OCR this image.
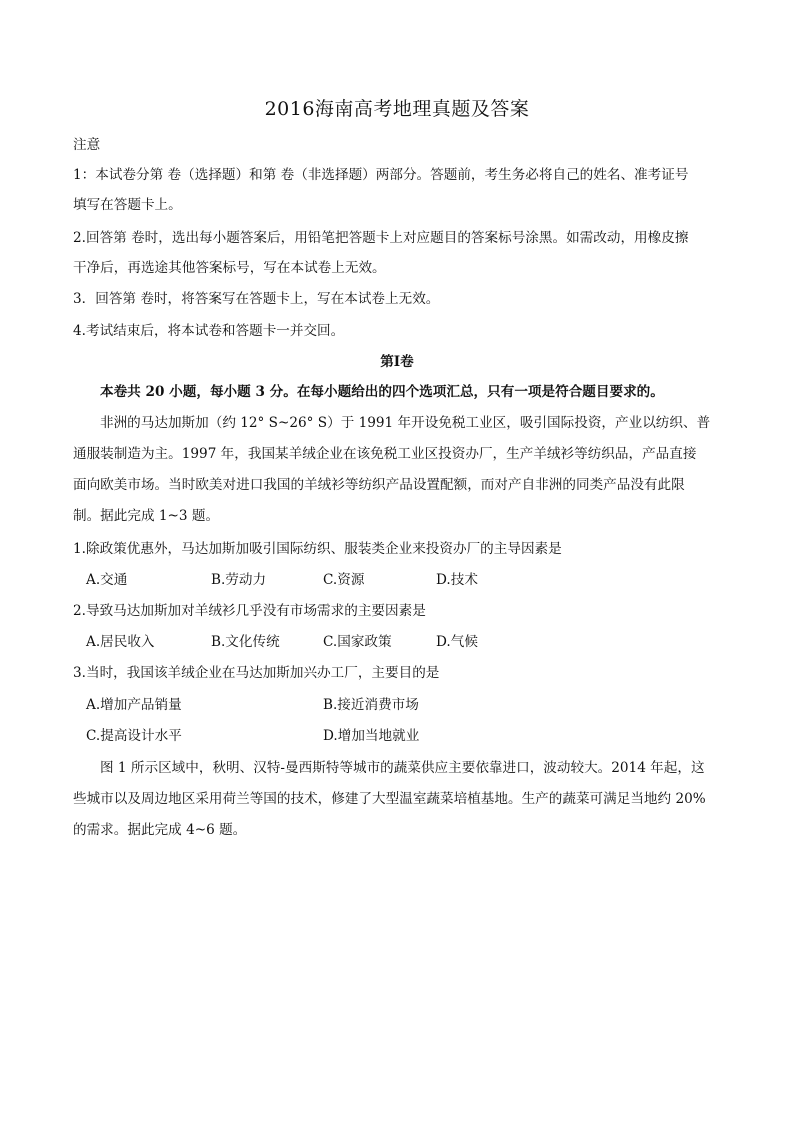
2016海南高考地理真题及答案
注意
1：本试卷分第 卷（选择题）和第 卷（非选择题）两部分。答题前，考生务必将自己的姓名、准考证号
填写在答题卡上。
2.回答第 卷时，选出每小题答案后，用铅笔把答题卡上对应题目的答案标号涂黑。如需改动，用橡皮擦
干净后，再选途其他答案标号，写在本试卷上无效。
3．回答第 卷时，将答案写在答题卡上，写在本试卷上无效。
4.考试结束后，将本试卷和答题卡一并交回。
第Ⅰ卷
本卷共 20 小题，每小题 3 分。在每小题给出的四个选项汇总，只有一项是符合题目要求的。
非洲的马达加斯加（约 12° S~26° S）于 1991 年开设免税工业区，吸引国际投资，产业以纺织、普
通服装制造为主。1997 年，我国某羊绒企业在该免税工业区投资办厂，生产羊绒衫等纺织品，产品直接
面向欧美市场。当时欧美对进口我国的羊绒衫等纺织产品设置配额，而对产自非洲的同类产品没有此限
制。据此完成 1~3 题。
1.除政策优惠外，马达加斯加吸引国际纺织、服装类企业来投资办厂的主导因素是
A.交通	B.劳动力	C.资源	D.技术
2.导致马达加斯加对羊绒衫几乎没有市场需求的主要因素是
A.居民收入	B.文化传统	C.国家政策	D.气候
3.当时，我国该羊绒企业在马达加斯加兴办工厂，主要目的是
A.增加产品销量	B.接近消费市场
C.提高设计水平	D.增加当地就业
图 1 所示区域中，秋明、汉特-曼西斯特等城市的蔬菜供应主要依靠进口，波动较大。2014 年起，这
些城市以及周边地区采用荷兰等国的技术，修建了大型温室蔬菜培植基地。生产的蔬菜可满足当地约 20%
的需求。据此完成 4~6 题。
